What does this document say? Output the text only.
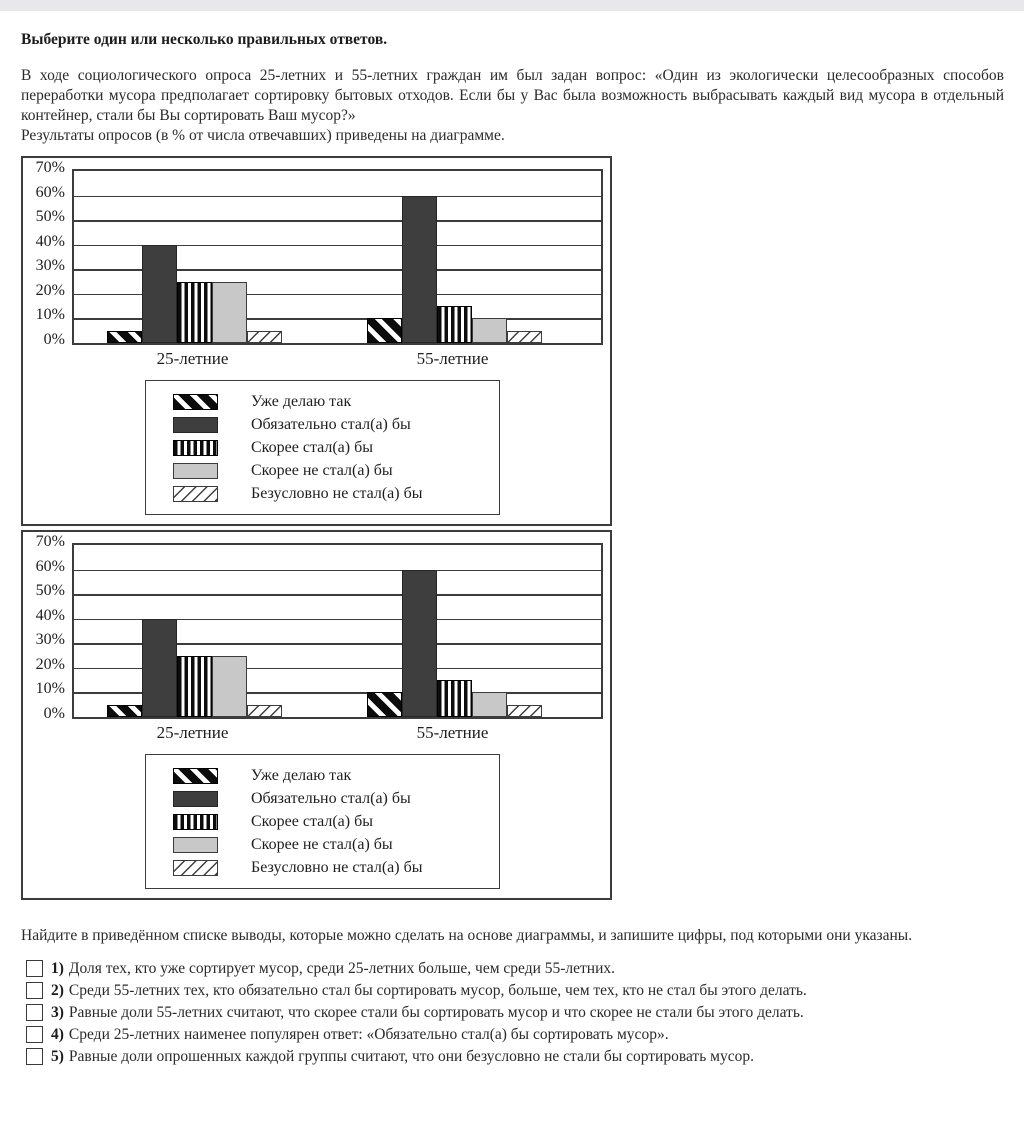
Выберите один или несколько правильных ответов.
В ходе социологического опроса 25-летних и 55-летних граждан им был задан вопрос: «Один из экологически целесообразных способов переработки мусора предполагает сортировку бытовых отходов. Если бы у Вас была возможность выбрасывать каждый вид мусора в отдельный контейнер, стали бы Вы сортировать Ваш мусор?»
Результаты опросов (в % от числа отвечавших) приведены на диаграмме.
70%
60%
50%
40%
30%
20%
10%
0%
25-летние	55-летние
Уже делаю так
Обязательно стал(а) бы
Скорее стал(а) бы
Скорее не стал(а) бы
Безусловно не стал(а) бы
70%
60%
50%
40%
30%
20%
10%
0%
25-летние	55-летние
Уже делаю так
Обязательно стал(а) бы
Скорее стал(а) бы
Скорее не стал(а) бы
Безусловно не стал(а) бы
Найдите в приведённом списке выводы, которые можно сделать на основе диаграммы, и запишите цифры, под которыми они указаны.
1) Доля тех, кто уже сортирует мусор, среди 25-летних больше, чем среди 55-летних.
2) Среди 55-летних тех, кто обязательно стал бы сортировать мусор, больше, чем тех, кто не стал бы этого делать.
3) Равные доли 55-летних считают, что скорее стали бы сортировать мусор и что скорее не стали бы этого делать.
4) Среди 25-летних наименее популярен ответ: «Обязательно стал(а) бы сортировать мусор».
5) Равные доли опрошенных каждой группы считают, что они безусловно не стали бы сортировать мусор.
